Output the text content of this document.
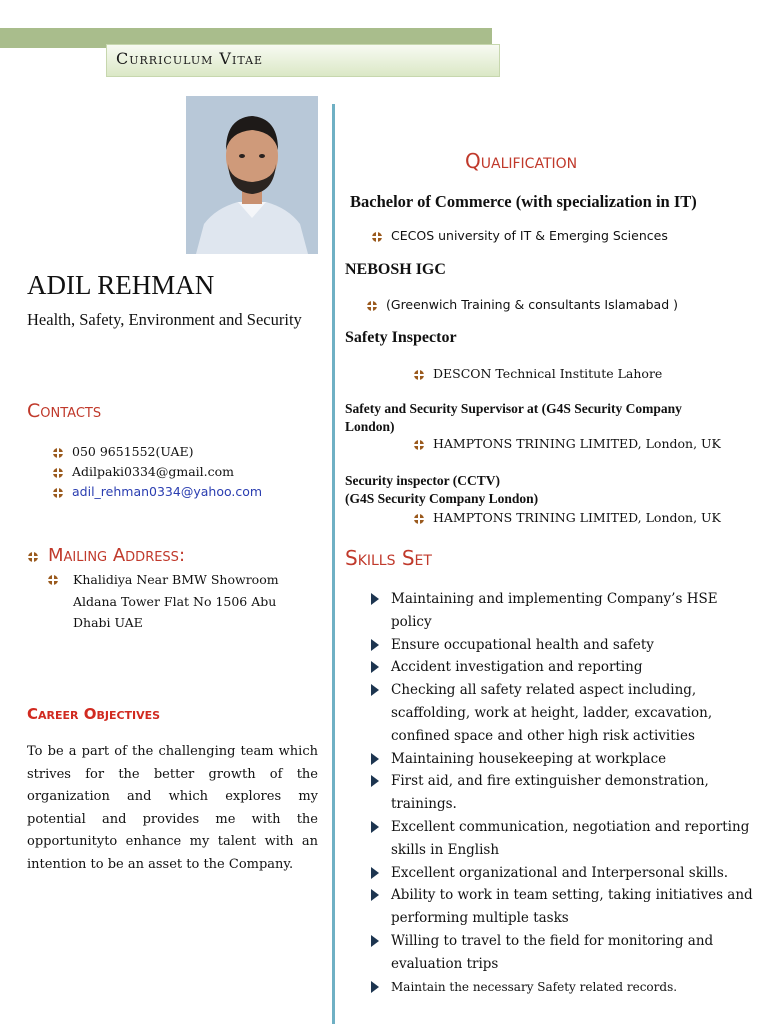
Curriculum Vitae
ADIL REHMAN
Health, Safety, Environment and Security
Contacts
050 9651552(UAE)
Adilpaki0334@gmail.com
adil_rehman0334@yahoo.com
Mailing Address:
Khalidiya Near BMW Showroom Aldana Tower Flat No 1506 Abu Dhabi UAE
Career Objectives
To be a part of the challenging team which strives for the better growth of the organization and which explores my potential and provides me with the opportunityto enhance my talent with an intention to be an asset to the Company.
Qualification
Bachelor of Commerce (with specialization in IT)
CECOS university of IT & Emerging Sciences
NEBOSH IGC
(Greenwich Training & consultants Islamabad )
Safety Inspector
DESCON Technical Institute Lahore
Safety and Security Supervisor at (G4S Security Company
London)
HAMPTONS TRINING LIMITED, London, UK
Security inspector (CCTV)
(G4S Security Company London)
HAMPTONS TRINING LIMITED, London, UK
Skills Set
Maintaining and implementing Company’s HSE policy
Ensure occupational health and safety
Accident investigation and reporting
Checking all safety related aspect including, scaffolding, work at height, ladder, excavation, confined space and other high risk activities
Maintaining housekeeping at workplace
First aid, and fire extinguisher demonstration, trainings.
Excellent communication, negotiation and reporting skills in English
Excellent organizational and Interpersonal skills.
Ability to work in team setting, taking initiatives and performing multiple tasks
Willing to travel to the field for monitoring and evaluation trips
Maintain the necessary Safety related records.
